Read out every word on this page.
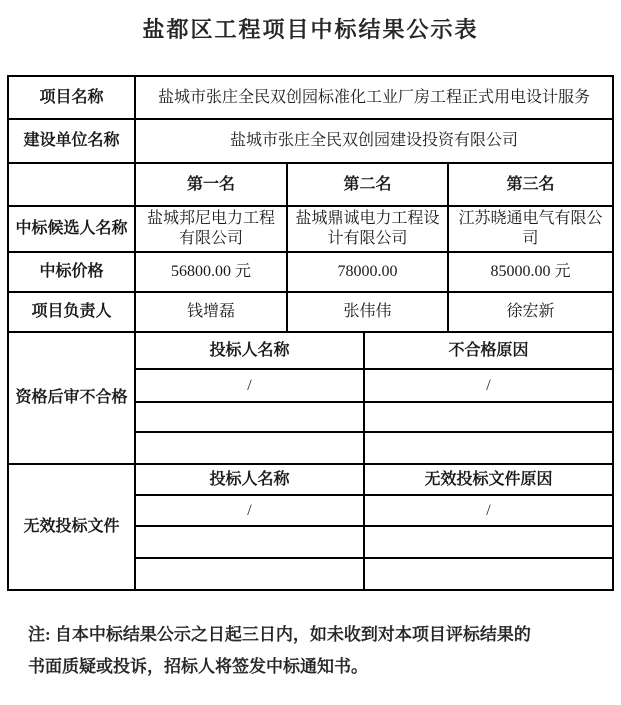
盐都区工程项目中标结果公示表
项目名称	盐城市张庄全民双创园标准化工业厂房工程正式用电设计服务			
建设单位名称	盐城市张庄全民双创园建设投资有限公司			
	第一名	第二名		第三名
中标候选人名称	盐城邦尼电力工程有限公司	盐城鼎诚电力工程设计有限公司		江苏晓通电气有限公司
中标价格	56800.00 元	78000.00		85000.00 元
项目负责人	钱增磊	张伟伟		徐宏新
资格后审不合格	投标人名称		不合格原因	
	/		/	

无效投标文件	投标人名称		无效投标文件原因	
	/		/	

注: 自本中标结果公示之日起三日内，如未收到对本项目评标结果的

书面质疑或投诉，招标人将签发中标通知书。
